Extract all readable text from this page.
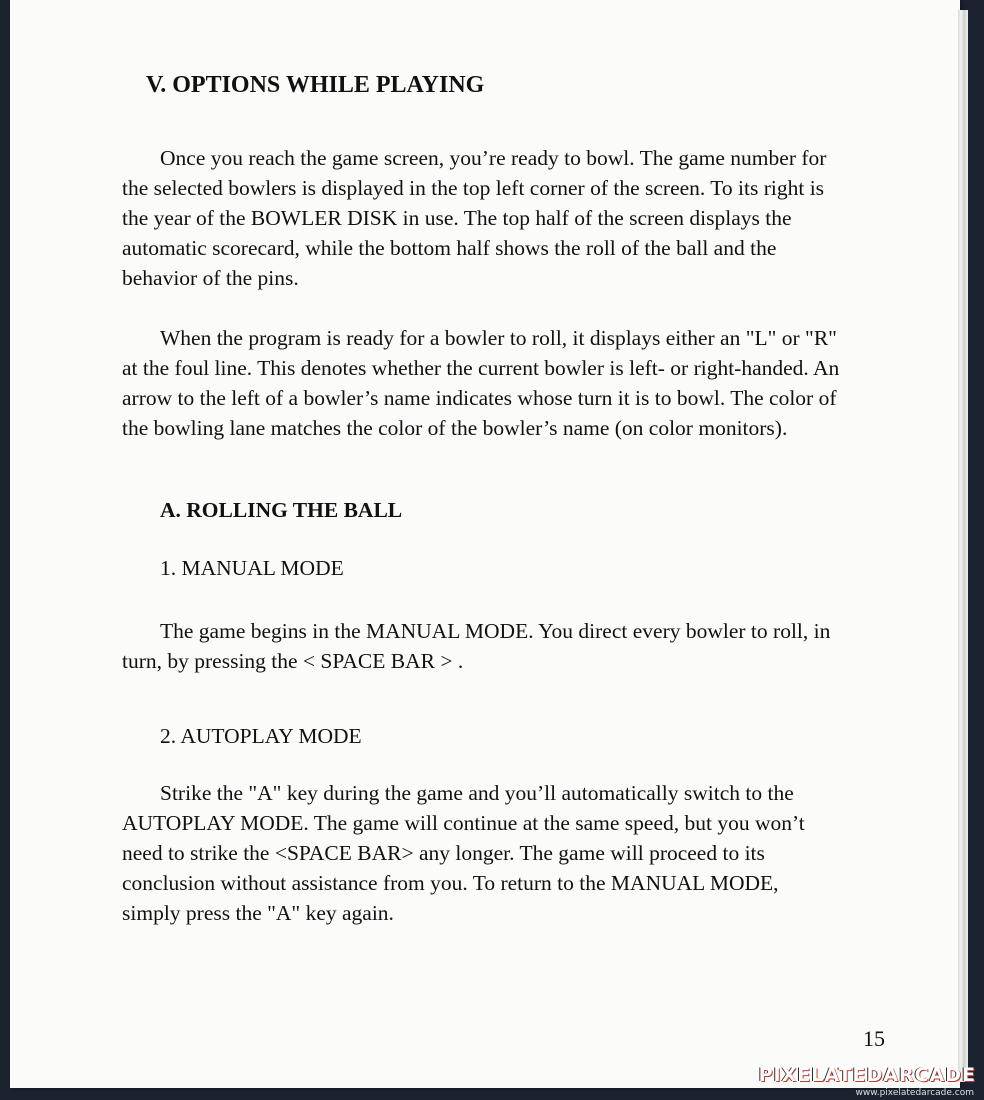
V. OPTIONS WHILE PLAYING

Once you reach the game screen, you’re ready to bowl. The game number for the selected bowlers is displayed in the top left corner of the screen. To its right is the year of the BOWLER DISK in use. The top half of the screen displays the automatic scorecard, while the bottom half shows the roll of the ball and the behavior of the pins.

When the program is ready for a bowler to roll, it displays either an "L" or "R" at the foul line. This denotes whether the current bowler is left- or right-handed. An arrow to the left of a bowler’s name indicates whose turn it is to bowl. The color of the bowling lane matches the color of the bowler’s name (on color monitors).

A. ROLLING THE BALL
1. MANUAL MODE

The game begins in the MANUAL MODE. You direct every bowler to roll, in turn, by pressing the < SPACE BAR > .

2. AUTOPLAY MODE

Strike the "A" key during the game and you’ll automatically switch to the AUTOPLAY MODE. The game will continue at the same speed, but you won’t need to strike the <SPACE BAR> any longer. The game will proceed to its conclusion without assistance from you. To return to the MANUAL MODE, simply press the "A" key again.

15
PIXELATEDARCADE
www.pixelatedarcade.com
